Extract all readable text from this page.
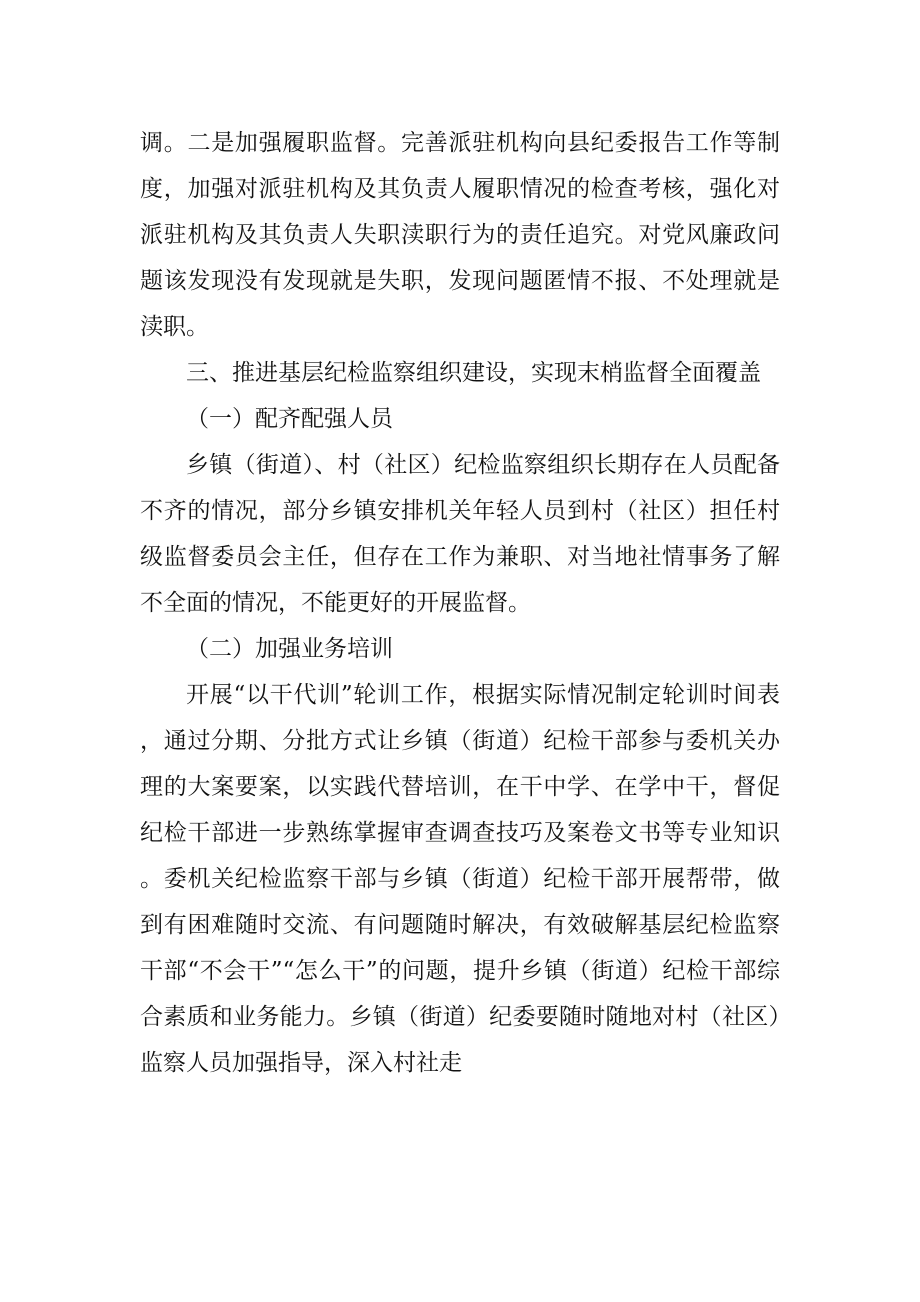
调。二是加强履职监督。完善派驻机构向县纪委报告工作等制度，加强对派驻机构及其负责人履职情况的检查考核，强化对派驻机构及其负责人失职渎职行为的责任追究。对党风廉政问题该发现没有发现就是失职，发现问题匿情不报、不处理就是渎职。

三、推进基层纪检监察组织建设，实现末梢监督全面覆盖

（一）配齐配强人员

乡镇（街道）、村（社区）纪检监察组织长期存在人员配备不齐的情况，部分乡镇安排机关年轻人员到村（社区）担任村级监督委员会主任，但存在工作为兼职、对当地社情事务了解不全面的情况，不能更好的开展监督。

（二）加强业务培训

开展“以干代训”轮训工作，根据实际情况制定轮训时间表，通过分期、分批方式让乡镇（街道）纪检干部参与委机关办理的大案要案，以实践代替培训，在干中学、在学中干，督促纪检干部进一步熟练掌握审查调查技巧及案卷文书等专业知识。委机关纪检监察干部与乡镇（街道）纪检干部开展帮带，做到有困难随时交流、有问题随时解决，有效破解基层纪检监察干部“不会干”“怎么干”的问题，提升乡镇（街道）纪检干部综合素质和业务能力。乡镇（街道）纪委要随时随地对村（社区）监察人员加强指导，深入村社走
